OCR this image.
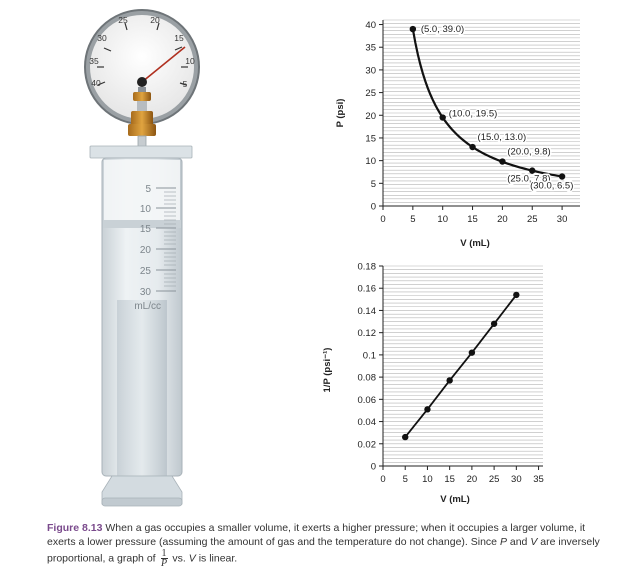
25	20
15
10
5
40
35
30
5
10
15
20
25
30
mL/cc
0
5
10
15
20
25
30
35
40
0	5 10 15 20 25 30
(5.0, 39.0)
(10.0, 19.5)
(15.0, 13.0)
(20.0, 9.8)
(25.0, 7.8)
(30.0, 6.5)
V (mL)
P (psi)
0
0.02
0.04
0.06
0.08
0.1
0.12
0.14
0.16
0.18
0 5 10 15 20 25 30 35
V (mL)
1/P (psi⁻¹)
Figure 8.13 When a gas occupies a smaller volume, it exerts a higher pressure; when it occupies a larger volume, it exerts a lower pressure (assuming the amount of gas and the temperature do not change). Since P and V are inversely proportional, a graph of $\frac{1}{P}$ vs. V is linear.
